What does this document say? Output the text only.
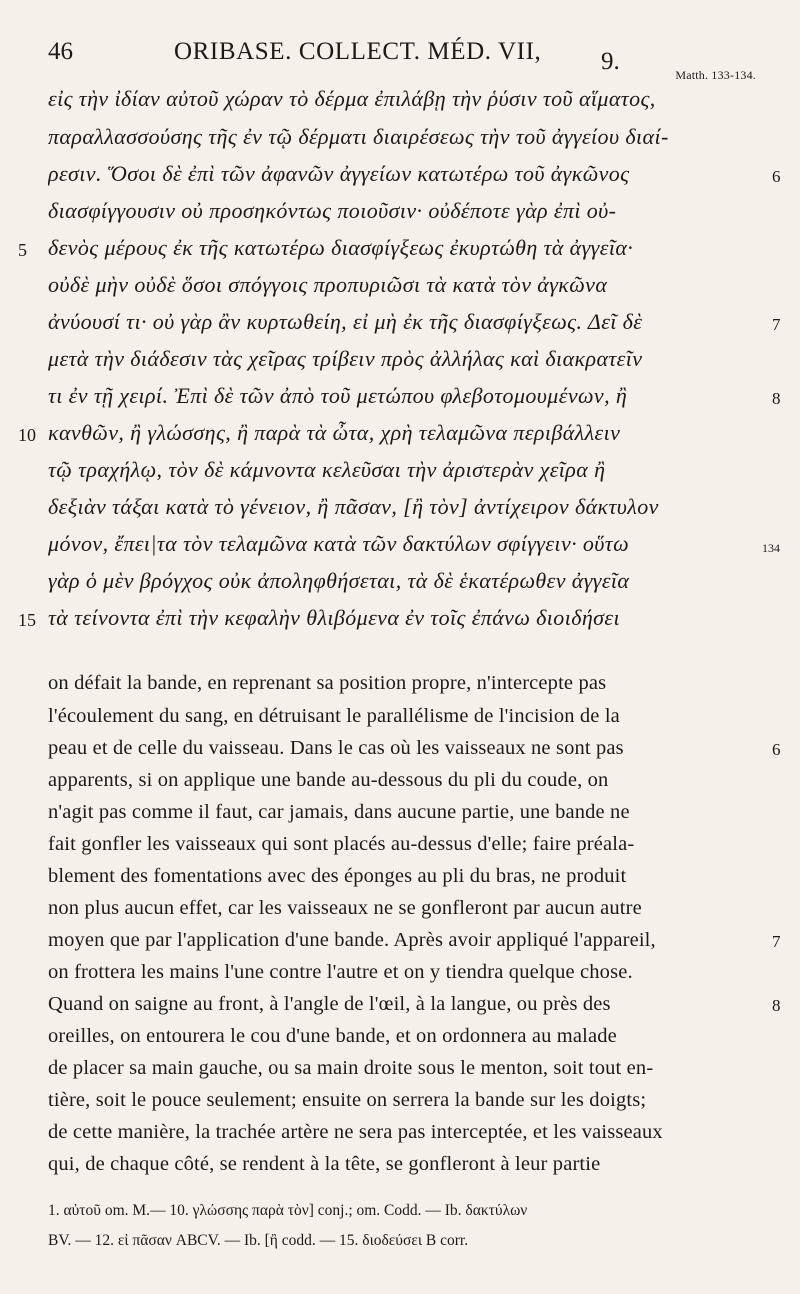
46	ORIBASE. COLLECT. MÉD. VII, 9.	Matth. 133-134.
εἰς τὴν ἰδίαν αὐτοῦ χώραν τὸ δέρμα ἐπιλάβῃ τὴν ῥύσιν τοῦ αἵματος,
παραλλασσούσης τῆς ἐν τῷ δέρματι διαιρέσεως τὴν τοῦ ἀγγείου διαί-
ρεσιν. Ὅσοι δὲ ἐπὶ τῶν ἀφανῶν ἀγγείων κατωτέρω τοῦ ἀγκῶνος
διασφίγγουσιν οὐ προσηκόντως ποιοῦσιν· οὐδέποτε γὰρ ἐπὶ οὐ-
δενὸς μέρους ἐκ τῆς κατωτέρω διασφίγξεως ἐκυρτώθη τὰ ἀγγεῖα·
οὐδὲ μὴν οὐδὲ ὅσοι σπόγγοις προπυριῶσι τὰ κατὰ τὸν ἀγκῶνα
ἀνύουσί τι· οὐ γὰρ ἂν κυρτωθείη, εἰ μὴ ἐκ τῆς διασφίγξεως. Δεῖ δὲ
μετὰ τὴν διάδεσιν τὰς χεῖρας τρίβειν πρὸς ἀλλήλας καὶ διακρατεῖν
τι ἐν τῇ χειρί. Ἐπὶ δὲ τῶν ἀπὸ τοῦ μετώπου φλεβοτομουμένων, ἢ
κανθῶν, ἢ γλώσσης, ἢ παρὰ τὰ ὦτα, χρὴ τελαμῶνα περιβάλλειν
τῷ τραχήλῳ, τὸν δὲ κάμνοντα κελεῦσαι τὴν ἀριστερὰν χεῖρα ἢ
δεξιὰν τάξαι κατὰ τὸ γένειον, ἢ πᾶσαν, [ἢ τὸν] ἀντίχειρον δάκτυλον
μόνον, ἔπει|τα τὸν τελαμῶνα κατὰ τῶν δακτύλων σφίγγειν· οὕτω
γὰρ ὁ μὲν βρόγχος οὐκ ἀποληφθήσεται, τὰ δὲ ἑκατέρωθεν ἀγγεῖα
τὰ τείνοντα ἐπὶ τὴν κεφαλὴν θλιβόμενα ἐν τοῖς ἐπάνω διοιδήσει
5
10
15
6
7
8
134
on défait la bande, en reprenant sa position propre, n'intercepte pas
l'écoulement du sang, en détruisant le parallélisme de l'incision de la
peau et de celle du vaisseau. Dans le cas où les vaisseaux ne sont pas
apparents, si on applique une bande au-dessous du pli du coude, on
n'agit pas comme il faut, car jamais, dans aucune partie, une bande ne
fait gonfler les vaisseaux qui sont placés au-dessus d'elle; faire préala-
blement des fomentations avec des éponges au pli du bras, ne produit
non plus aucun effet, car les vaisseaux ne se gonfleront par aucun autre
moyen que par l'application d'une bande. Après avoir appliqué l'appareil,
on frottera les mains l'une contre l'autre et on y tiendra quelque chose.
Quand on saigne au front, à l'angle de l'œil, à la langue, ou près des
oreilles, on entourera le cou d'une bande, et on ordonnera au malade
de placer sa main gauche, ou sa main droite sous le menton, soit tout en-
tière, soit le pouce seulement; ensuite on serrera la bande sur les doigts;
de cette manière, la trachée artère ne sera pas interceptée, et les vaisseaux
qui, de chaque côté, se rendent à la tête, se gonfleront à leur partie
6
7
8
1. αὐτοῦ om. M.— 10. γλώσσης παρὰ τὸν] conj.; om. Codd. — Ib. δακτύλων
BV. — 12. εἰ πᾶσαν ABCV. — Ib. [ἢ codd. — 15. διοδεύσει B corr.
